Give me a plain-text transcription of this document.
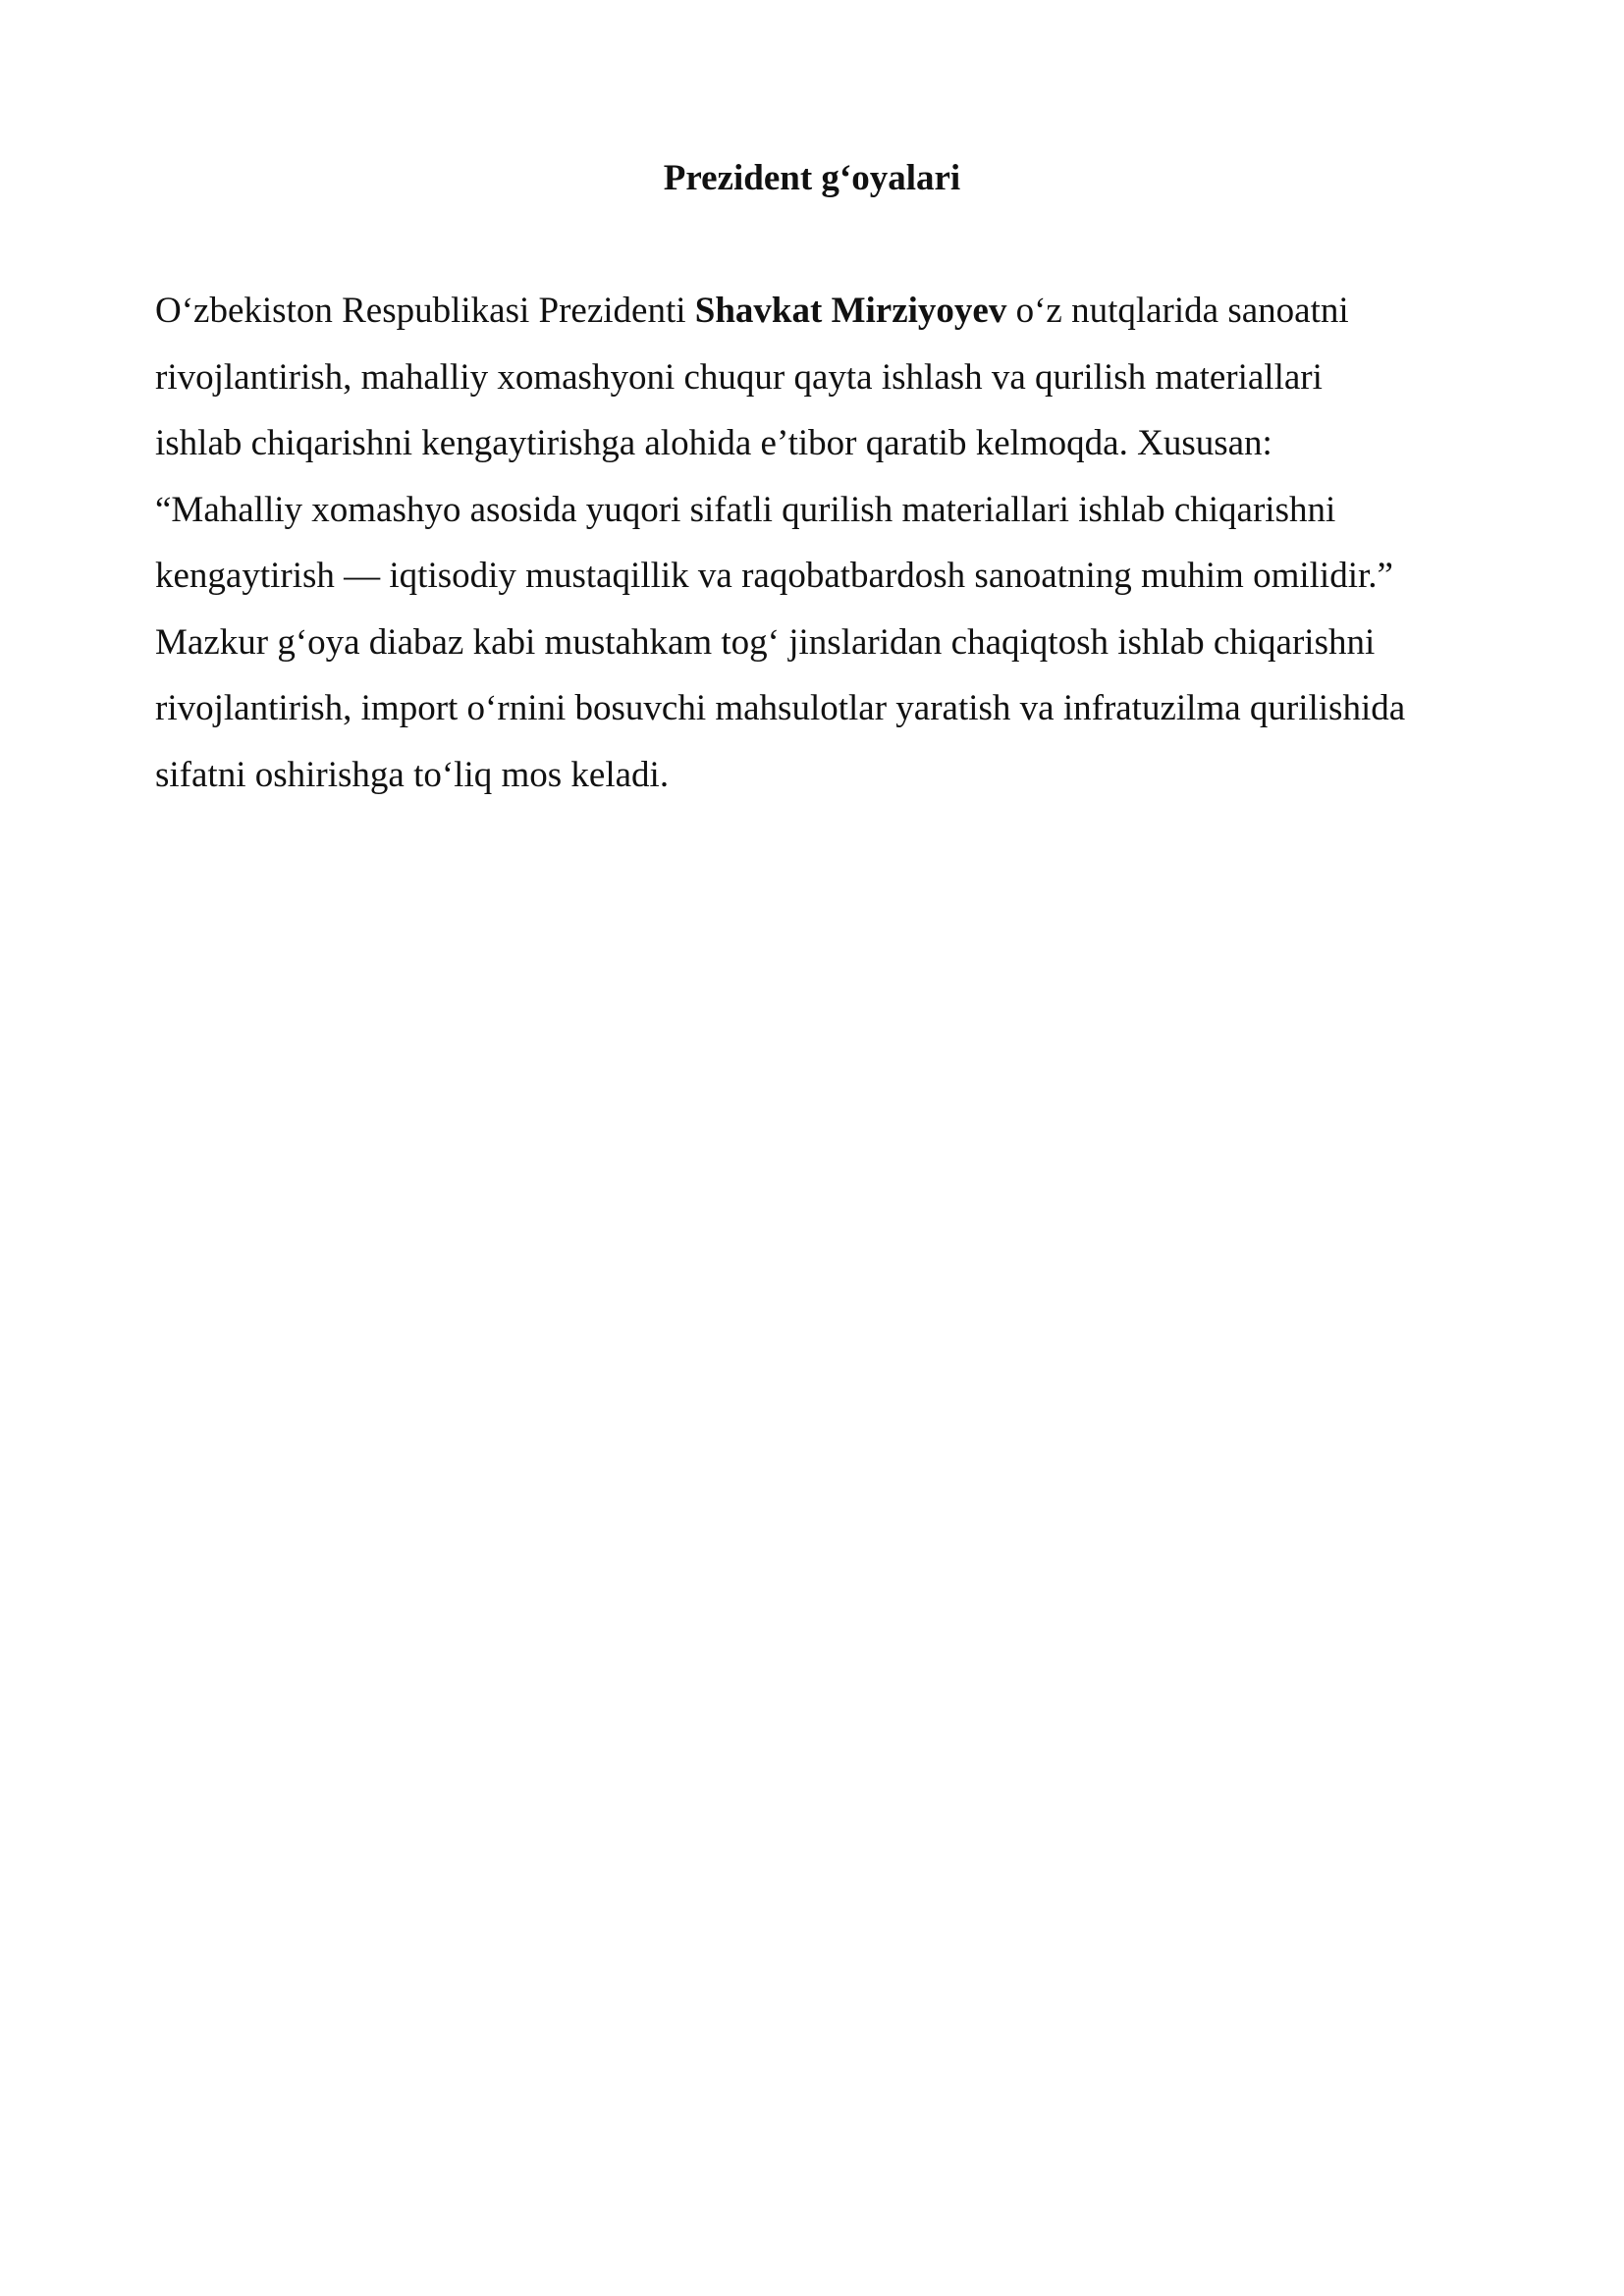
Prezident g‘oyalari
O‘zbekiston Respublikasi Prezidenti Shavkat Mirziyoyev o‘z nutqlarida sanoatni
rivojlantirish, mahalliy xomashyoni chuqur qayta ishlash va qurilish materiallari
ishlab chiqarishni kengaytirishga alohida e’tibor qaratib kelmoqda. Xususan:
“Mahalliy xomashyo asosida yuqori sifatli qurilish materiallari ishlab chiqarishni
kengaytirish — iqtisodiy mustaqillik va raqobatbardosh sanoatning muhim omilidir.”
Mazkur g‘oya diabaz kabi mustahkam tog‘ jinslaridan chaqiqtosh ishlab chiqarishni
rivojlantirish, import o‘rnini bosuvchi mahsulotlar yaratish va infratuzilma qurilishida
sifatni oshirishga to‘liq mos keladi.
